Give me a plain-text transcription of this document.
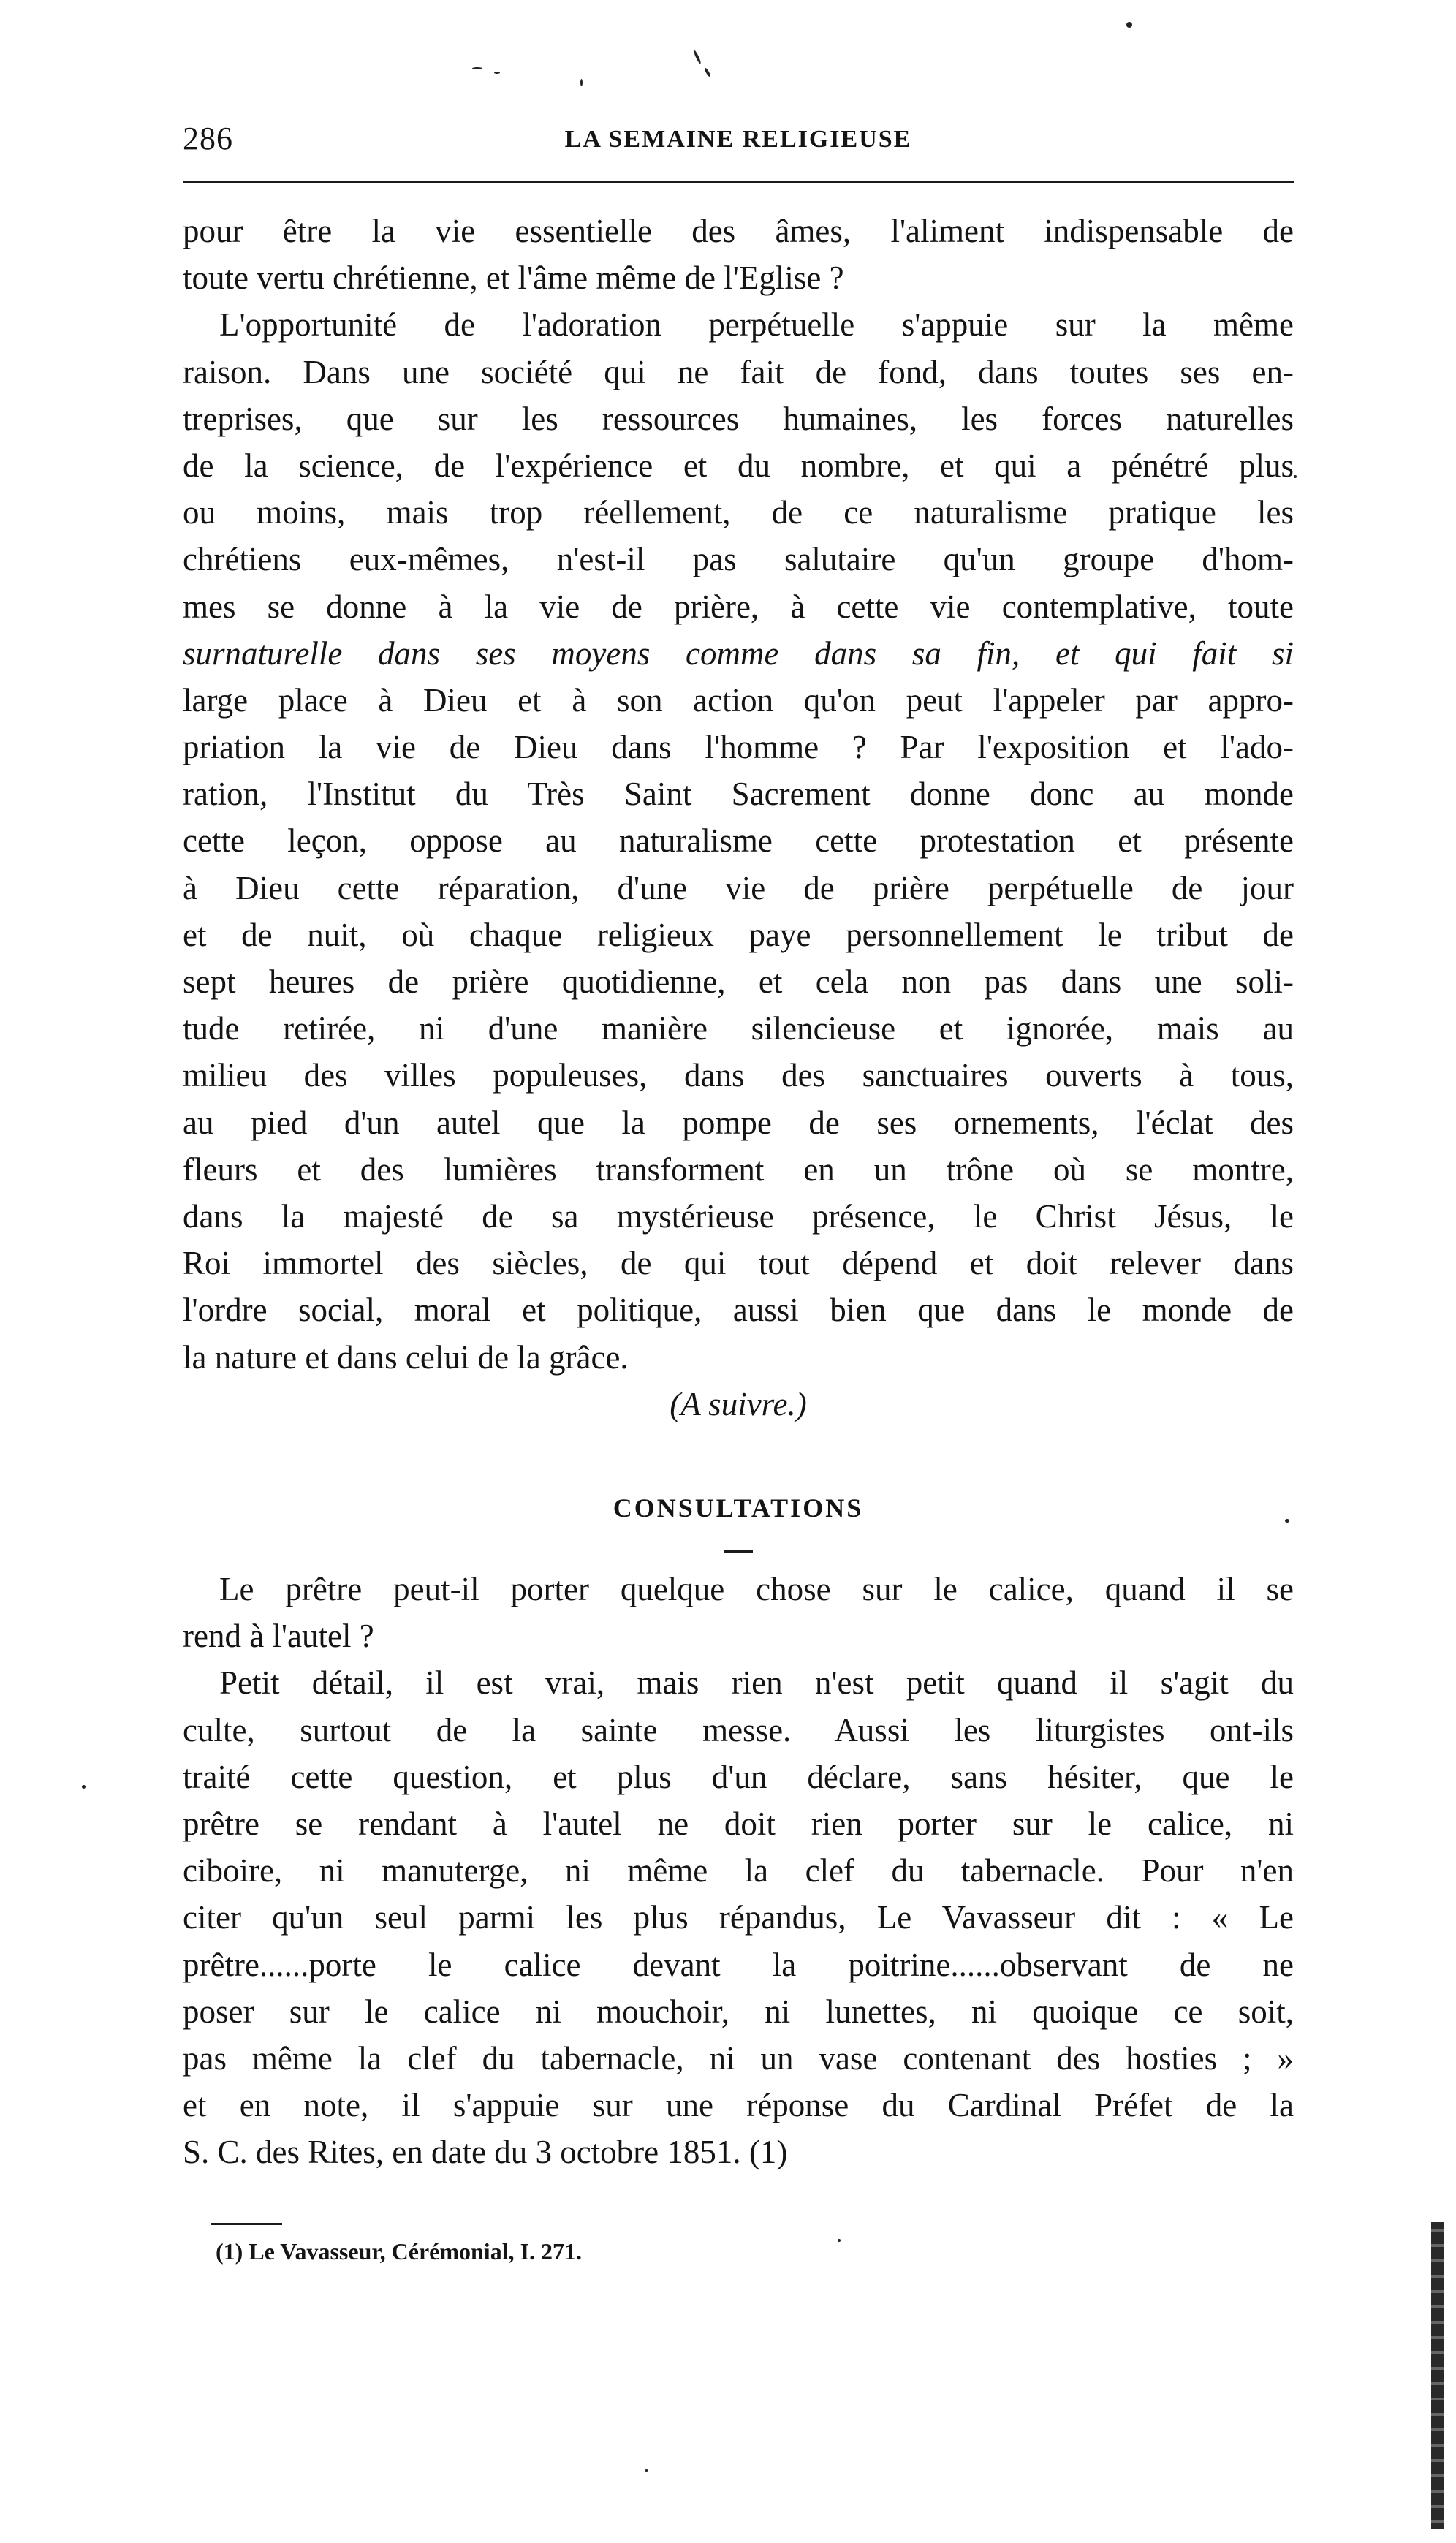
286	LA SEMAINE RELIGIEUSE
pour être la vie essentielle des âmes, l'aliment indispensable de
toute vertu chrétienne, et l'âme même de l'Eglise ?
L'opportunité de l'adoration perpétuelle s'appuie sur la même
raison. Dans une société qui ne fait de fond, dans toutes ses en-
treprises, que sur les ressources humaines, les forces naturelles
de la science, de l'expérience et du nombre, et qui a pénétré plus
ou moins, mais trop réellement, de ce naturalisme pratique les
chrétiens eux-mêmes, n'est-il pas salutaire qu'un groupe d'hom-
mes se donne à la vie de prière, à cette vie contemplative, toute
surnaturelle dans ses moyens comme dans sa fin, et qui fait si
large place à Dieu et à son action qu'on peut l'appeler par appro-
priation la vie de Dieu dans l'homme ? Par l'exposition et l'ado-
ration, l'Institut du Très Saint Sacrement donne donc au monde
cette leçon, oppose au naturalisme cette protestation et présente
à Dieu cette réparation, d'une vie de prière perpétuelle de jour
et de nuit, où chaque religieux paye personnellement le tribut de
sept heures de prière quotidienne, et cela non pas dans une soli-
tude retirée, ni d'une manière silencieuse et ignorée, mais au
milieu des villes populeuses, dans des sanctuaires ouverts à tous,
au pied d'un autel que la pompe de ses ornements, l'éclat des
fleurs et des lumières transforment en un trône où se montre,
dans la majesté de sa mystérieuse présence, le Christ Jésus, le
Roi immortel des siècles, de qui tout dépend et doit relever dans
l'ordre social, moral et politique, aussi bien que dans le monde de
la nature et dans celui de la grâce.
(A suivre.)
CONSULTATIONS
Le prêtre peut-il porter quelque chose sur le calice, quand il se
rend à l'autel ?
Petit détail, il est vrai, mais rien n'est petit quand il s'agit du
culte, surtout de la sainte messe. Aussi les liturgistes ont-ils
traité cette question, et plus d'un déclare, sans hésiter, que le
prêtre se rendant à l'autel ne doit rien porter sur le calice, ni
ciboire, ni manuterge, ni même la clef du tabernacle. Pour n'en
citer qu'un seul parmi les plus répandus, Le Vavasseur dit : « Le
prêtre......porte le calice devant la poitrine......observant de ne
poser sur le calice ni mouchoir, ni lunettes, ni quoique ce soit,
pas même la clef du tabernacle, ni un vase contenant des hosties ; »
et en note, il s'appuie sur une réponse du Cardinal Préfet de la
S. C. des Rites, en date du 3 octobre 1851. (1)
(1) Le Vavasseur, Cérémonial, I. 271.
